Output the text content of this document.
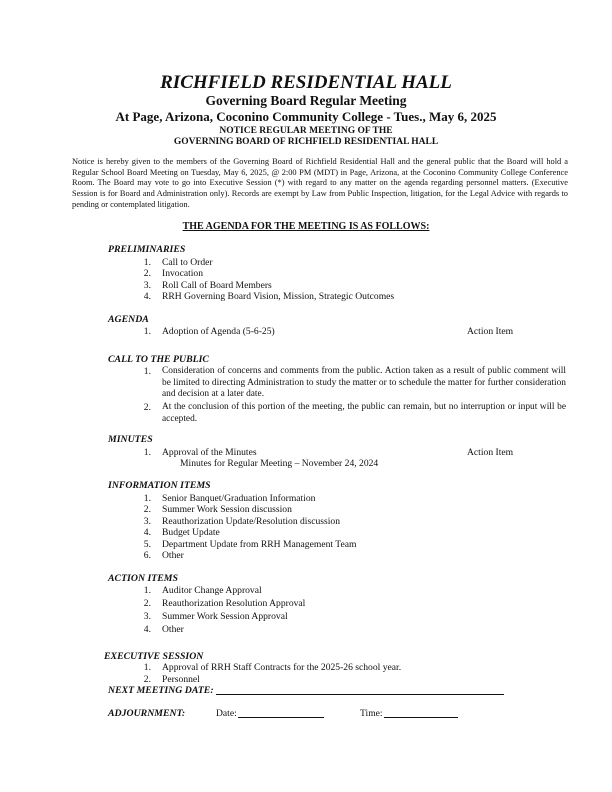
RICHFIELD RESIDENTIAL HALL
Governing Board Regular Meeting
At Page, Arizona, Coconino Community College - Tues., May 6, 2025
NOTICE REGULAR MEETING OF THE
GOVERNING BOARD OF RICHFIELD RESIDENTIAL HALL
Notice is hereby given to the members of the Governing Board of Richfield Residential Hall and the general public that the Board will hold a Regular School Board Meeting on Tuesday, May 6, 2025, @ 2:00 PM (MDT) in Page, Arizona, at the Coconino Community College Conference Room. The Board may vote to go into Executive Session (*) with regard to any matter on the agenda regarding personnel matters. (Executive Session is for Board and Administration only). Records are exempt by Law from Public Inspection, litigation, for the Legal Advice with regards to pending or contemplated litigation.
THE AGENDA FOR THE MEETING IS AS FOLLOWS:
PRELIMINARIES
1. Call to Order
2. Invocation
3. Roll Call of Board Members
4. RRH Governing Board Vision, Mission, Strategic Outcomes
AGENDA
1. Adoption of Agenda (5-6-25)	Action Item
CALL TO THE PUBLIC
1. Consideration of concerns and comments from the public. Action taken as a result of public comment will be limited to directing Administration to study the matter or to schedule the matter for further consideration and decision at a later date.
2. At the conclusion of this portion of the meeting, the public can remain, but no interruption or input will be accepted.
MINUTES
1. Approval of the Minutes	Action Item
Minutes for Regular Meeting – November 24, 2024
INFORMATION ITEMS
1. Senior Banquet/Graduation Information
2. Summer Work Session discussion
3. Reauthorization Update/Resolution discussion
4. Budget Update
5. Department Update from RRH Management Team
6. Other
ACTION ITEMS
1. Auditor Change Approval
2. Reauthorization Resolution Approval
3. Summer Work Session Approval
4. Other
EXECUTIVE SESSION
1. Approval of RRH Staff Contracts for the 2025-26 school year.
2. Personnel
NEXT MEETING DATE:
ADJOURNMENT:	Date:	Time:
